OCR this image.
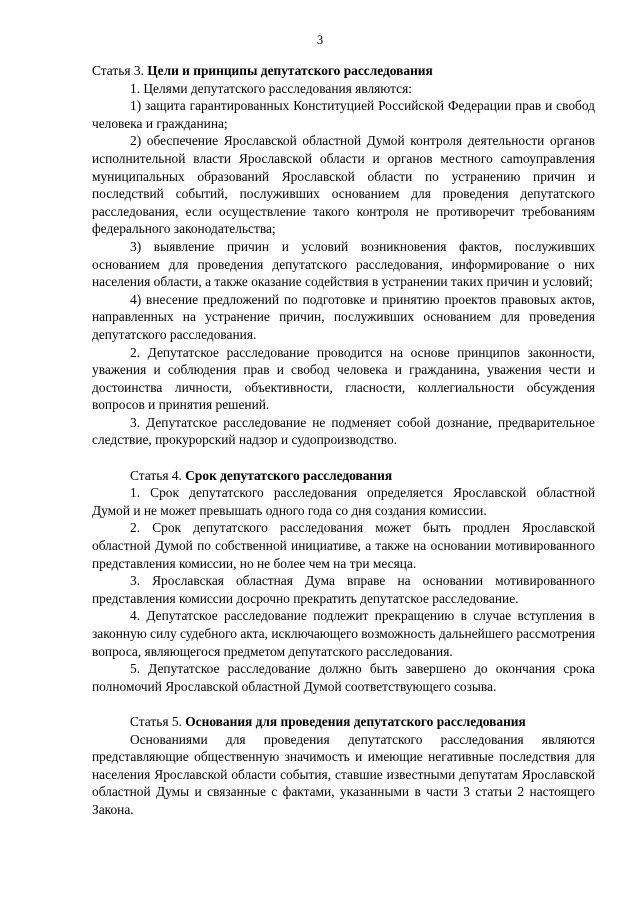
3

Статья 3. Цели и принципы депутатского расследования

1. Целями депутатского расследования являются:

1) защита гарантированных Конституцией Российской Федерации прав и свобод человека и гражданина;

2) обеспечение Ярославской областной Думой контроля деятельности органов исполнительной власти Ярославской области и органов местного саmоуправления муниципальных образований Ярославской области по устранению причин и последствий событий, послуживших основанием для проведения депутатского расследования, если осуществление такого контроля не противоречит требованиям федерального законодательства;

3) выявление причин и условий возникновения фактов, послуживших основанием для проведения депутатского расследования, информирование о них населения области, а также оказание содействия в устранении таких причин и условий;

4) внесение предложений по подготовке и принятию проектов правовых актов, направленных на устранение причин, послуживших основанием для проведения депутатского расследования.

2. Депутатское расследование проводится на основе принципов законности, уважения и соблюдения прав и свобод человека и гражданина, уважения чести и достоинства личности, объективности, гласности, коллегиальности обсуждения вопросов и принятия решений.

3. Депутатское расследование не подменяет собой дознание, предварительное следствие, прокурорский надзор и судопроизводство.

Статья 4. Срок депутатского расследования

1. Срок депутатского расследования определяется Ярославской областной Думой и не может превышать одного года со дня создания комиссии.

2. Срок депутатского расследования может быть продлен Ярославской областной Думой по собственной инициативе, а также на основании мотивированного представления комиссии, но не более чем на три месяца.

3. Ярославская областная Дума вправе на основании мотивированного представления комиссии досрочно прекратить депутатское расследование.

4. Депутатское расследование подлежит прекращению в случае вступления в законную силу судебного акта, исключающего возможность дальнейшего рассмотрения вопроса, являющегося предметом депутатского расследования.

5. Депутатское расследование должно быть завершено до окончания срока полномочий Ярославской областной Думой соответствующего созыва.

Статья 5. Основания для проведения депутатского расследования

Основаниями для проведения депутатского расследования являются представляющие общественную значимость и имеющие негативные последствия для населения Ярославской области события, ставшие известными депутатам Ярославской областной Думы и связанные с фактами, указанными в части 3 статьи 2 настоящего Закона.
